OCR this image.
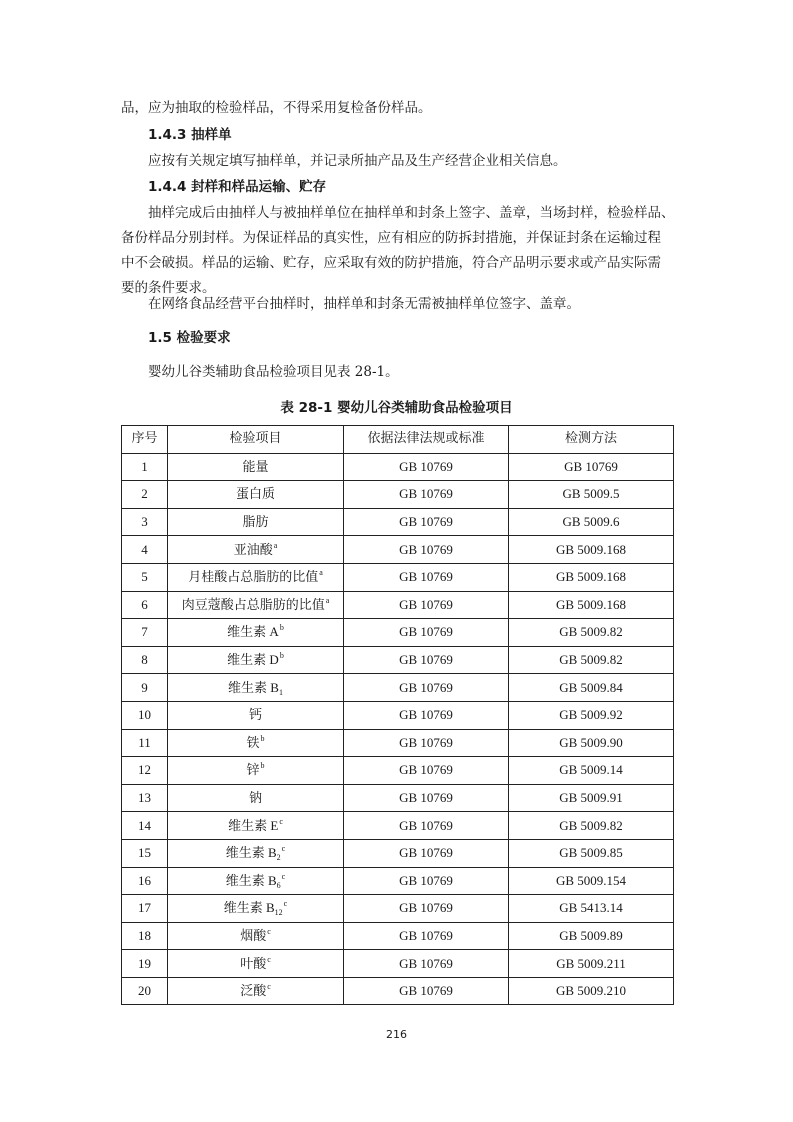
品，应为抽取的检验样品，不得采用复检备份样品。
1.4.3 抽样单
应按有关规定填写抽样单，并记录所抽产品及生产经营企业相关信息。
1.4.4 封样和样品运输、贮存
抽样完成后由抽样人与被抽样单位在抽样单和封条上签字、盖章，当场封样，检验样品、
备份样品分别封样。为保证样品的真实性，应有相应的防拆封措施，并保证封条在运输过程
中不会破损。样品的运输、贮存，应采取有效的防护措施，符合产品明示要求或产品实际需
要的条件要求。
在网络食品经营平台抽样时，抽样单和封条无需被抽样单位签字、盖章。
1.5 检验要求
婴幼儿谷类辅助食品检验项目见表 28-1。
表 28-1 婴幼儿谷类辅助食品检验项目
序号	检验项目	依据法律法规或标准	检测方法
1	能量	GB 10769	GB 10769
2	蛋白质	GB 10769	GB 5009.5
3	脂肪	GB 10769	GB 5009.6
4	亚油酸$^a$	GB 10769	GB 5009.168
5	月桂酸占总脂肪的比值$^a$	GB 10769	GB 5009.168
6	肉豆蔻酸占总脂肪的比值$^a$	GB 10769	GB 5009.168
7	维生素 $A^b$	GB 10769	GB 5009.82
8	维生素 $D^b$	GB 10769	GB 5009.82
9	维生素 $B_1$	GB 10769	GB 5009.84
10	钙	GB 10769	GB 5009.92
11	铁$^b$	GB 10769	GB 5009.90
12	锌$^b$	GB 10769	GB 5009.14
13	钠	GB 10769	GB 5009.91
14	维生素 $E^c$	GB 10769	GB 5009.82
15	维生素 $B_2^c$	GB 10769	GB 5009.85
16	维生素 $B_6^c$	GB 10769	GB 5009.154
17	维生素 $B_{12}^c$	GB 10769	GB 5413.14
18	烟酸$^c$	GB 10769	GB 5009.89
19	叶酸$^c$	GB 10769	GB 5009.211
20	泛酸$^c$	GB 10769	GB 5009.210
216
